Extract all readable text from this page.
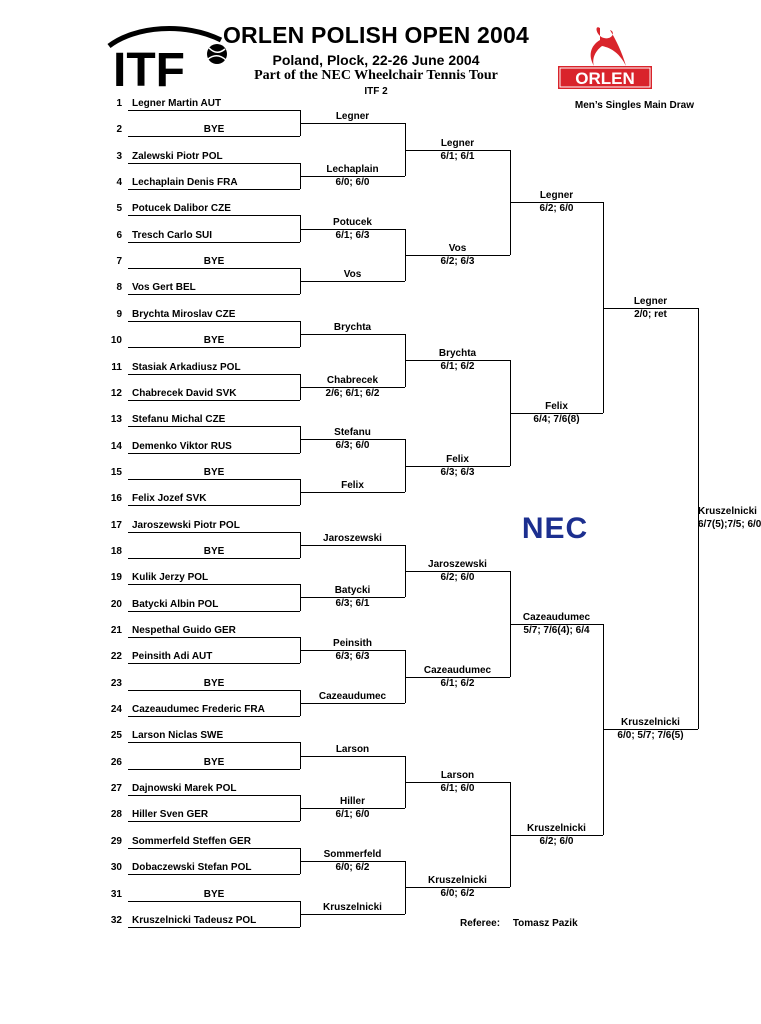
ITF	ORLEN
ORLEN POLISH OPEN 2004
Poland, Plock, 22-26 June 2004
Part of the NEC Wheelchair Tennis Tour
ITF 2
Men’s Singles Main Draw
NEC
Referee: Tomasz Pazik
1 Legner Martin AUT
2	BYE
3 Zalewski Piotr POL
4 Lechaplain Denis FRA
5 Potucek Dalibor CZE
6 Tresch Carlo SUI
7	BYE
8 Vos Gert BEL
9 Brychta Miroslav CZE
10	BYE
11 Stasiak Arkadiusz POL
12 Chabrecek David SVK
13 Stefanu Michal CZE
14 Demenko Viktor RUS
15	BYE
16 Felix Jozef SVK
17 Jaroszewski Piotr POL
18	BYE
19 Kulik Jerzy POL
20 Batycki Albin POL
21 Nespethal Guido GER
22 Peinsith Adi AUT
23	BYE
24 Cazeaudumec Frederic FRA
25 Larson Niclas SWE
26	BYE
27 Dajnowski Marek POL
28 Hiller Sven GER
29 Sommerfeld Steffen GER
30 Dobaczewski Stefan POL
31	BYE
32 Kruszelnicki Tadeusz POL
Legner
Lechaplain
6/0; 6/0
Potucek
6/1; 6/3
Vos
Brychta
Chabrecek
2/6; 6/1; 6/2
Stefanu
6/3; 6/0
Felix
Jaroszewski
Batycki
6/3; 6/1
Peinsith
6/3; 6/3
Cazeaudumec
Larson
Hiller
6/1; 6/0
Sommerfeld
6/0; 6/2
Kruszelnicki
Legner
6/1; 6/1
Vos
6/2; 6/3
Brychta
6/1; 6/2
Felix
6/3; 6/3
Jaroszewski
6/2; 6/0
Cazeaudumec
6/1; 6/2
Larson
6/1; 6/0
Kruszelnicki
6/0; 6/2
Legner
6/2; 6/0
Felix
6/4; 7/6(8)
Cazeaudumec
5/7; 7/6(4); 6/4
Kruszelnicki
6/2; 6/0
Legner
2/0; ret
Kruszelnicki
6/0; 5/7; 7/6(5)
Kruszelnicki
6/7(5);7/5; 6/0
